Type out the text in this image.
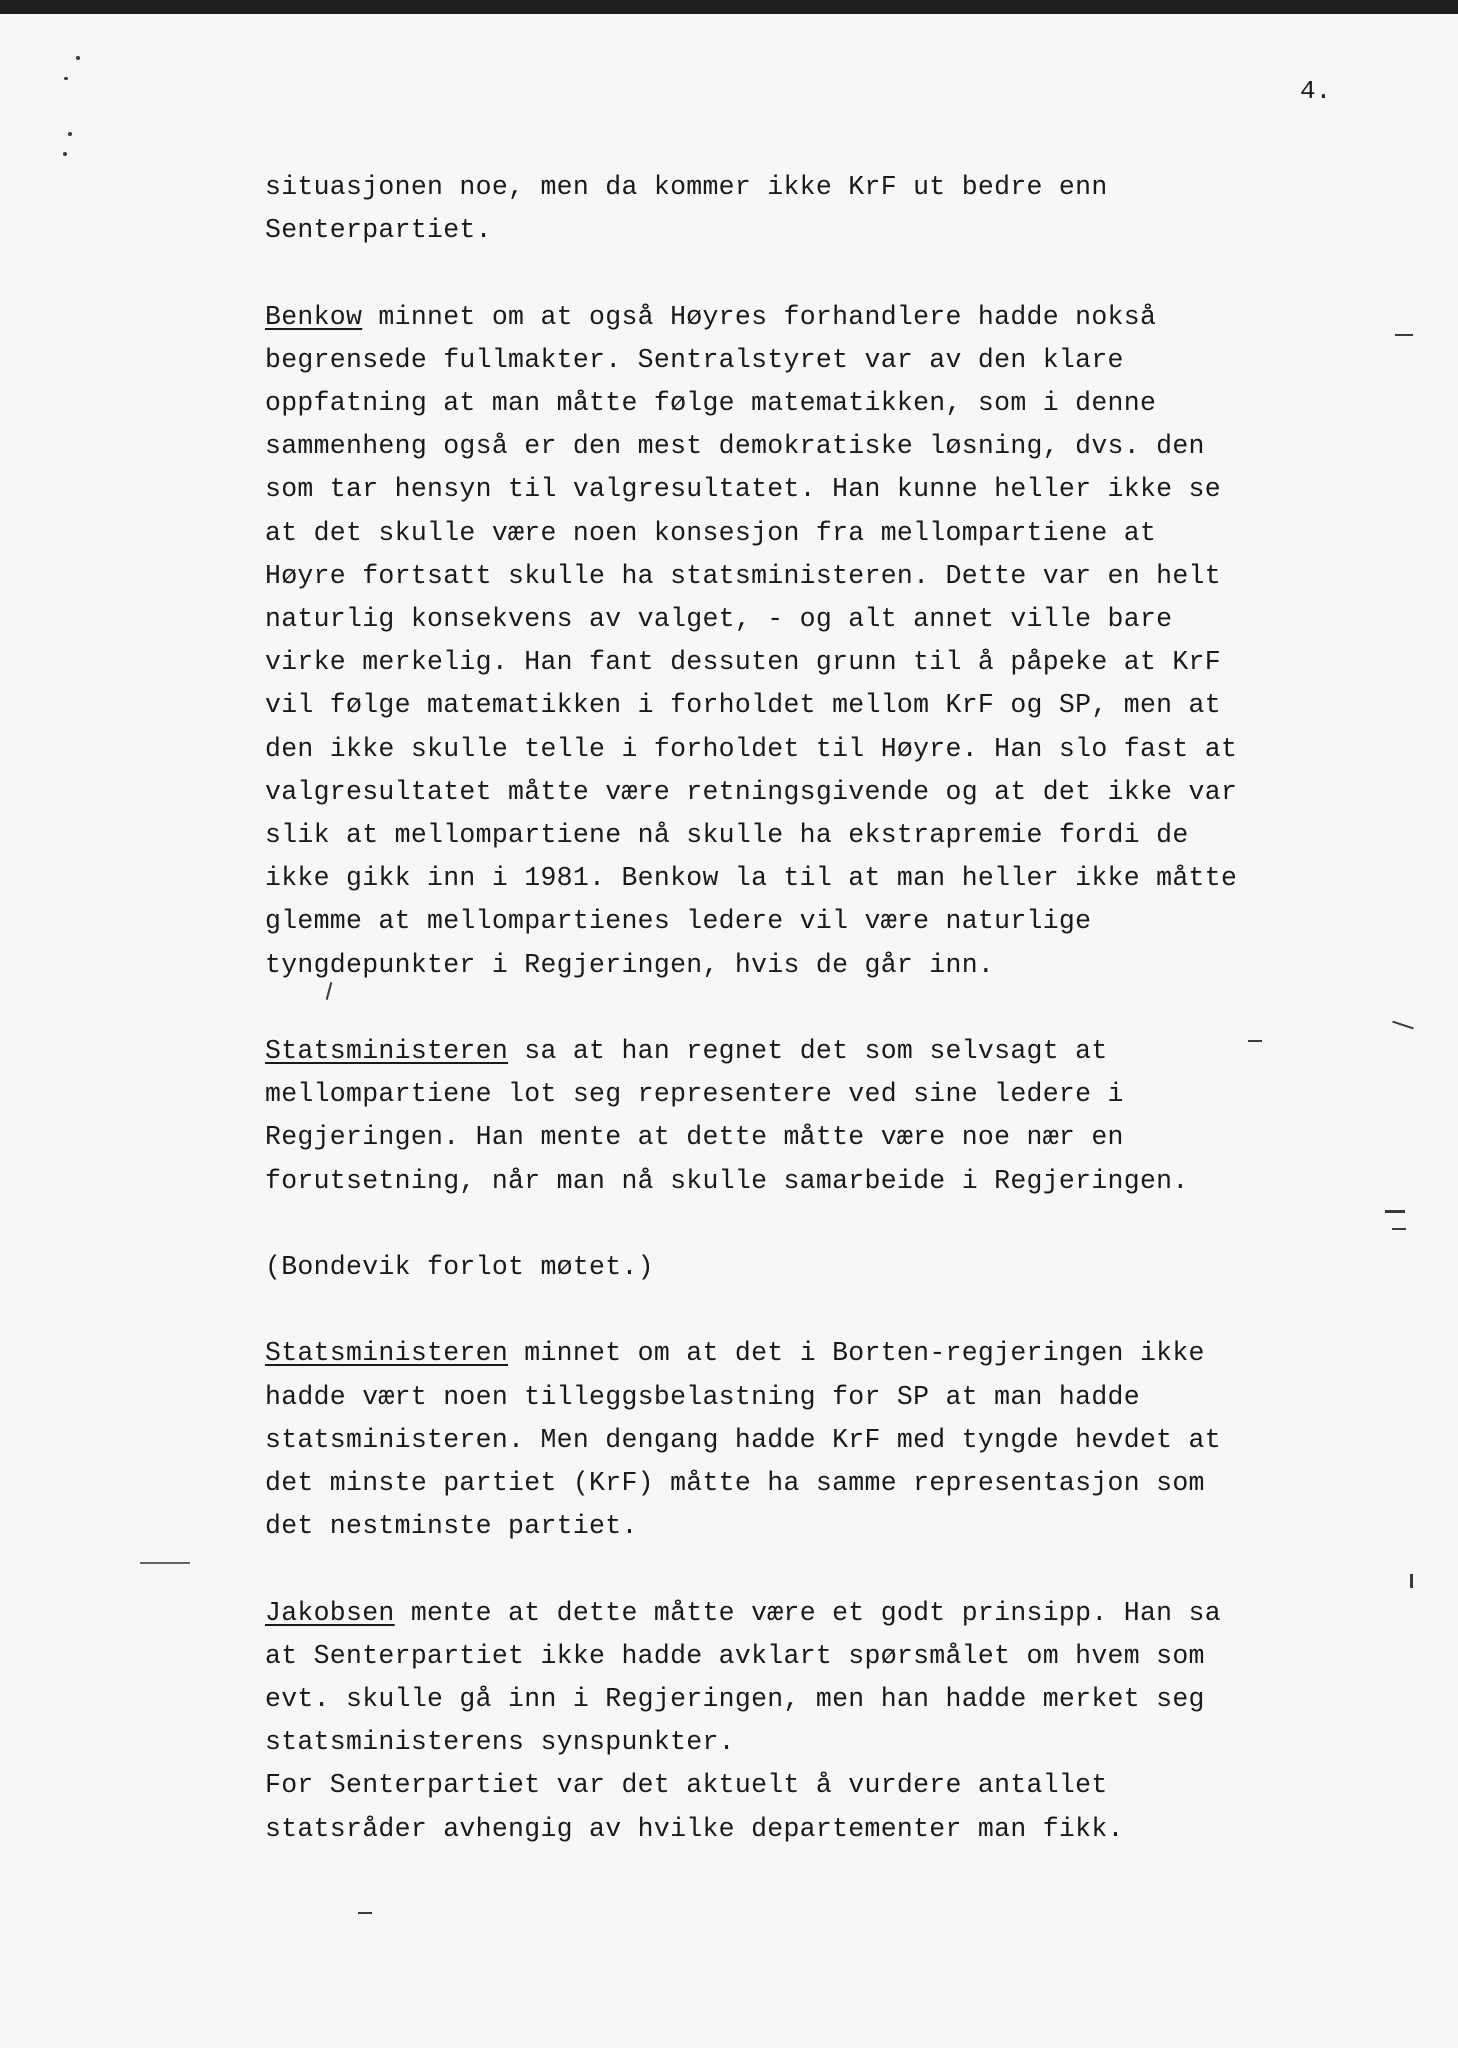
4.
situasjonen noe, men da kommer ikke KrF ut bedre enn
Senterpartiet.
Benkow minnet om at også Høyres forhandlere hadde nokså
begrensede fullmakter. Sentralstyret var av den klare
oppfatning at man måtte følge matematikken, som i denne
sammenheng også er den mest demokratiske løsning, dvs. den
som tar hensyn til valgresultatet. Han kunne heller ikke se
at det skulle være noen konsesjon fra mellompartiene at
Høyre fortsatt skulle ha statsministeren. Dette var en helt
naturlig konsekvens av valget, - og alt annet ville bare
virke merkelig. Han fant dessuten grunn til å påpeke at KrF
vil følge matematikken i forholdet mellom KrF og SP, men at
den ikke skulle telle i forholdet til Høyre. Han slo fast at
valgresultatet måtte være retningsgivende og at det ikke var
slik at mellompartiene nå skulle ha ekstrapremie fordi de
ikke gikk inn i 1981. Benkow la til at man heller ikke måtte
glemme at mellompartienes ledere vil være naturlige
tyngdepunkter i Regjeringen, hvis de går inn.
Statsministeren sa at han regnet det som selvsagt at
mellompartiene lot seg representere ved sine ledere i
Regjeringen. Han mente at dette måtte være noe nær en
forutsetning, når man nå skulle samarbeide i Regjeringen.
(Bondevik forlot møtet.)
Statsministeren minnet om at det i Borten-regjeringen ikke
hadde vært noen tilleggsbelastning for SP at man hadde
statsministeren. Men dengang hadde KrF med tyngde hevdet at
det minste partiet (KrF) måtte ha samme representasjon som
det nestminste partiet.
Jakobsen mente at dette måtte være et godt prinsipp. Han sa
at Senterpartiet ikke hadde avklart spørsmålet om hvem som
evt. skulle gå inn i Regjeringen, men han hadde merket seg
statsministerens synspunkter.
For Senterpartiet var det aktuelt å vurdere antallet
statsråder avhengig av hvilke departementer man fikk.
